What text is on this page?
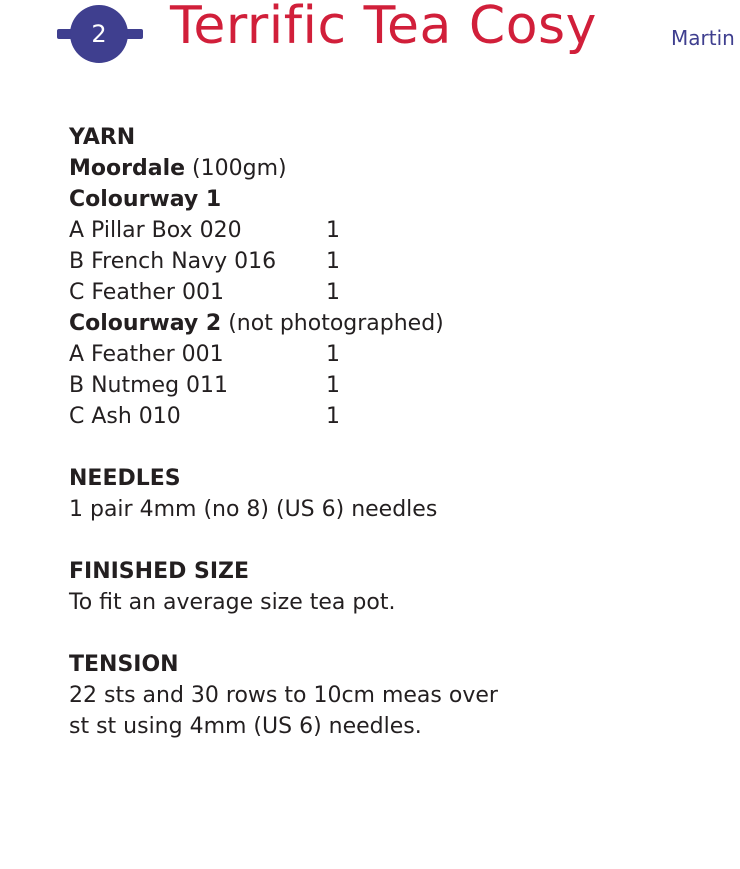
2	Terrific Tea Cosy	Martin
YARN
Moordale (100gm)
Colourway 1
A Pillar Box 020	1
B French Navy 016	1
C Feather 001	1
Colourway 2 (not photographed)
A Feather 001	1
B Nutmeg 011	1
C Ash 010	1
NEEDLES
1 pair 4mm (no 8) (US 6) needles
FINISHED SIZE
To fit an average size tea pot.
TENSION
22 sts and 30 rows to 10cm meas over
st st using 4mm (US 6) needles.
